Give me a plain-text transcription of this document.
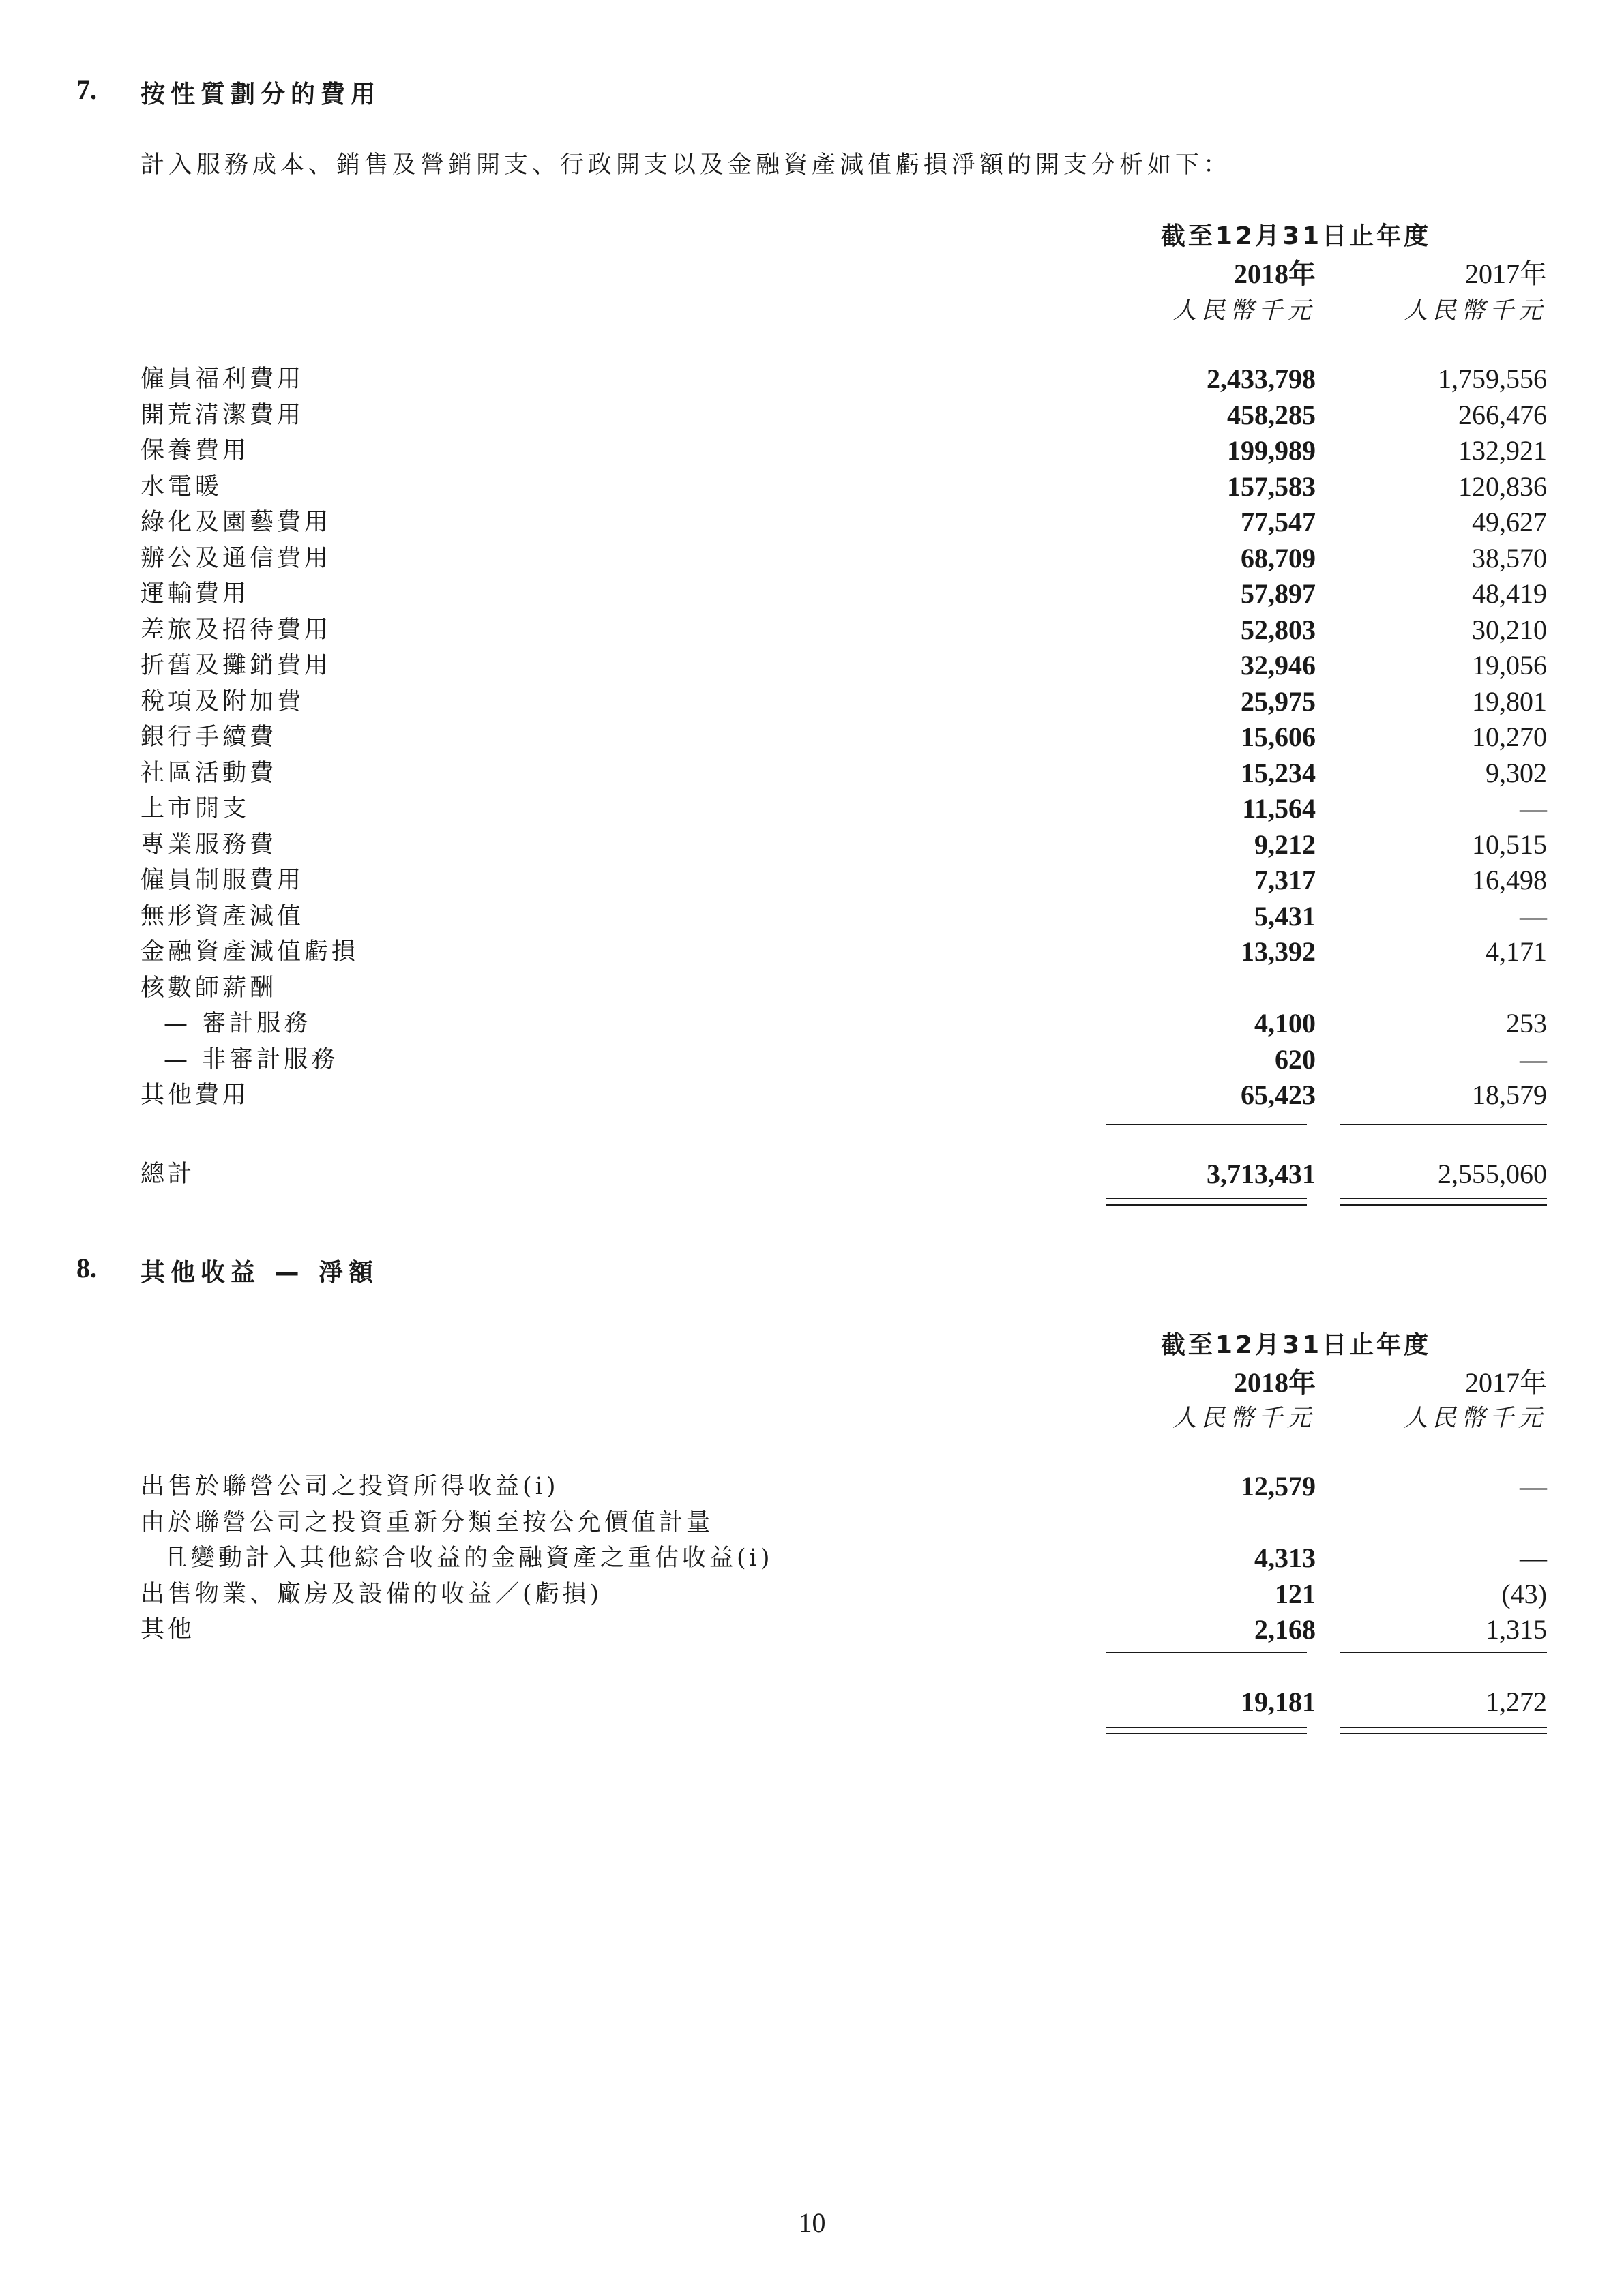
7. 按性質劃分的費用
計入服務成本、銷售及營銷開支、行政開支以及金融資產減值虧損淨額的開支分析如下：
截至12月31日止年度
2018年	2017年
人民幣千元	人民幣千元
僱員福利費用	2,433,798	1,759,556
開荒清潔費用	458,285	266,476
保養費用	199,989	132,921
水電暖	157,583	120,836
綠化及園藝費用	77,547	49,627
辦公及通信費用	68,709	38,570
運輸費用	57,897	48,419
差旅及招待費用	52,803	30,210
折舊及攤銷費用	32,946	19,056
稅項及附加費	25,975	19,801
銀行手續費	15,606	10,270
社區活動費	15,234	9,302
上市開支	11,564	—
專業服務費	9,212	10,515
僱員制服費用	7,317	16,498
無形資產減值	5,431	—
金融資產減值虧損	13,392	4,171
核數師薪酬
— 審計服務	4,100	253
— 非審計服務	620	—
其他費用	65,423	18,579
總計	3,713,431	2,555,060
8. 其他收益 — 淨額
截至12月31日止年度
2018年	2017年
人民幣千元	人民幣千元
出售於聯營公司之投資所得收益(i)	12,579	—
由於聯營公司之投資重新分類至按公允價值計量
且變動計入其他綜合收益的金融資產之重估收益(i)	4,313	—
出售物業、廠房及設備的收益／(虧損)	121	(43)
其他	2,168	1,315
19,181	1,272
10
